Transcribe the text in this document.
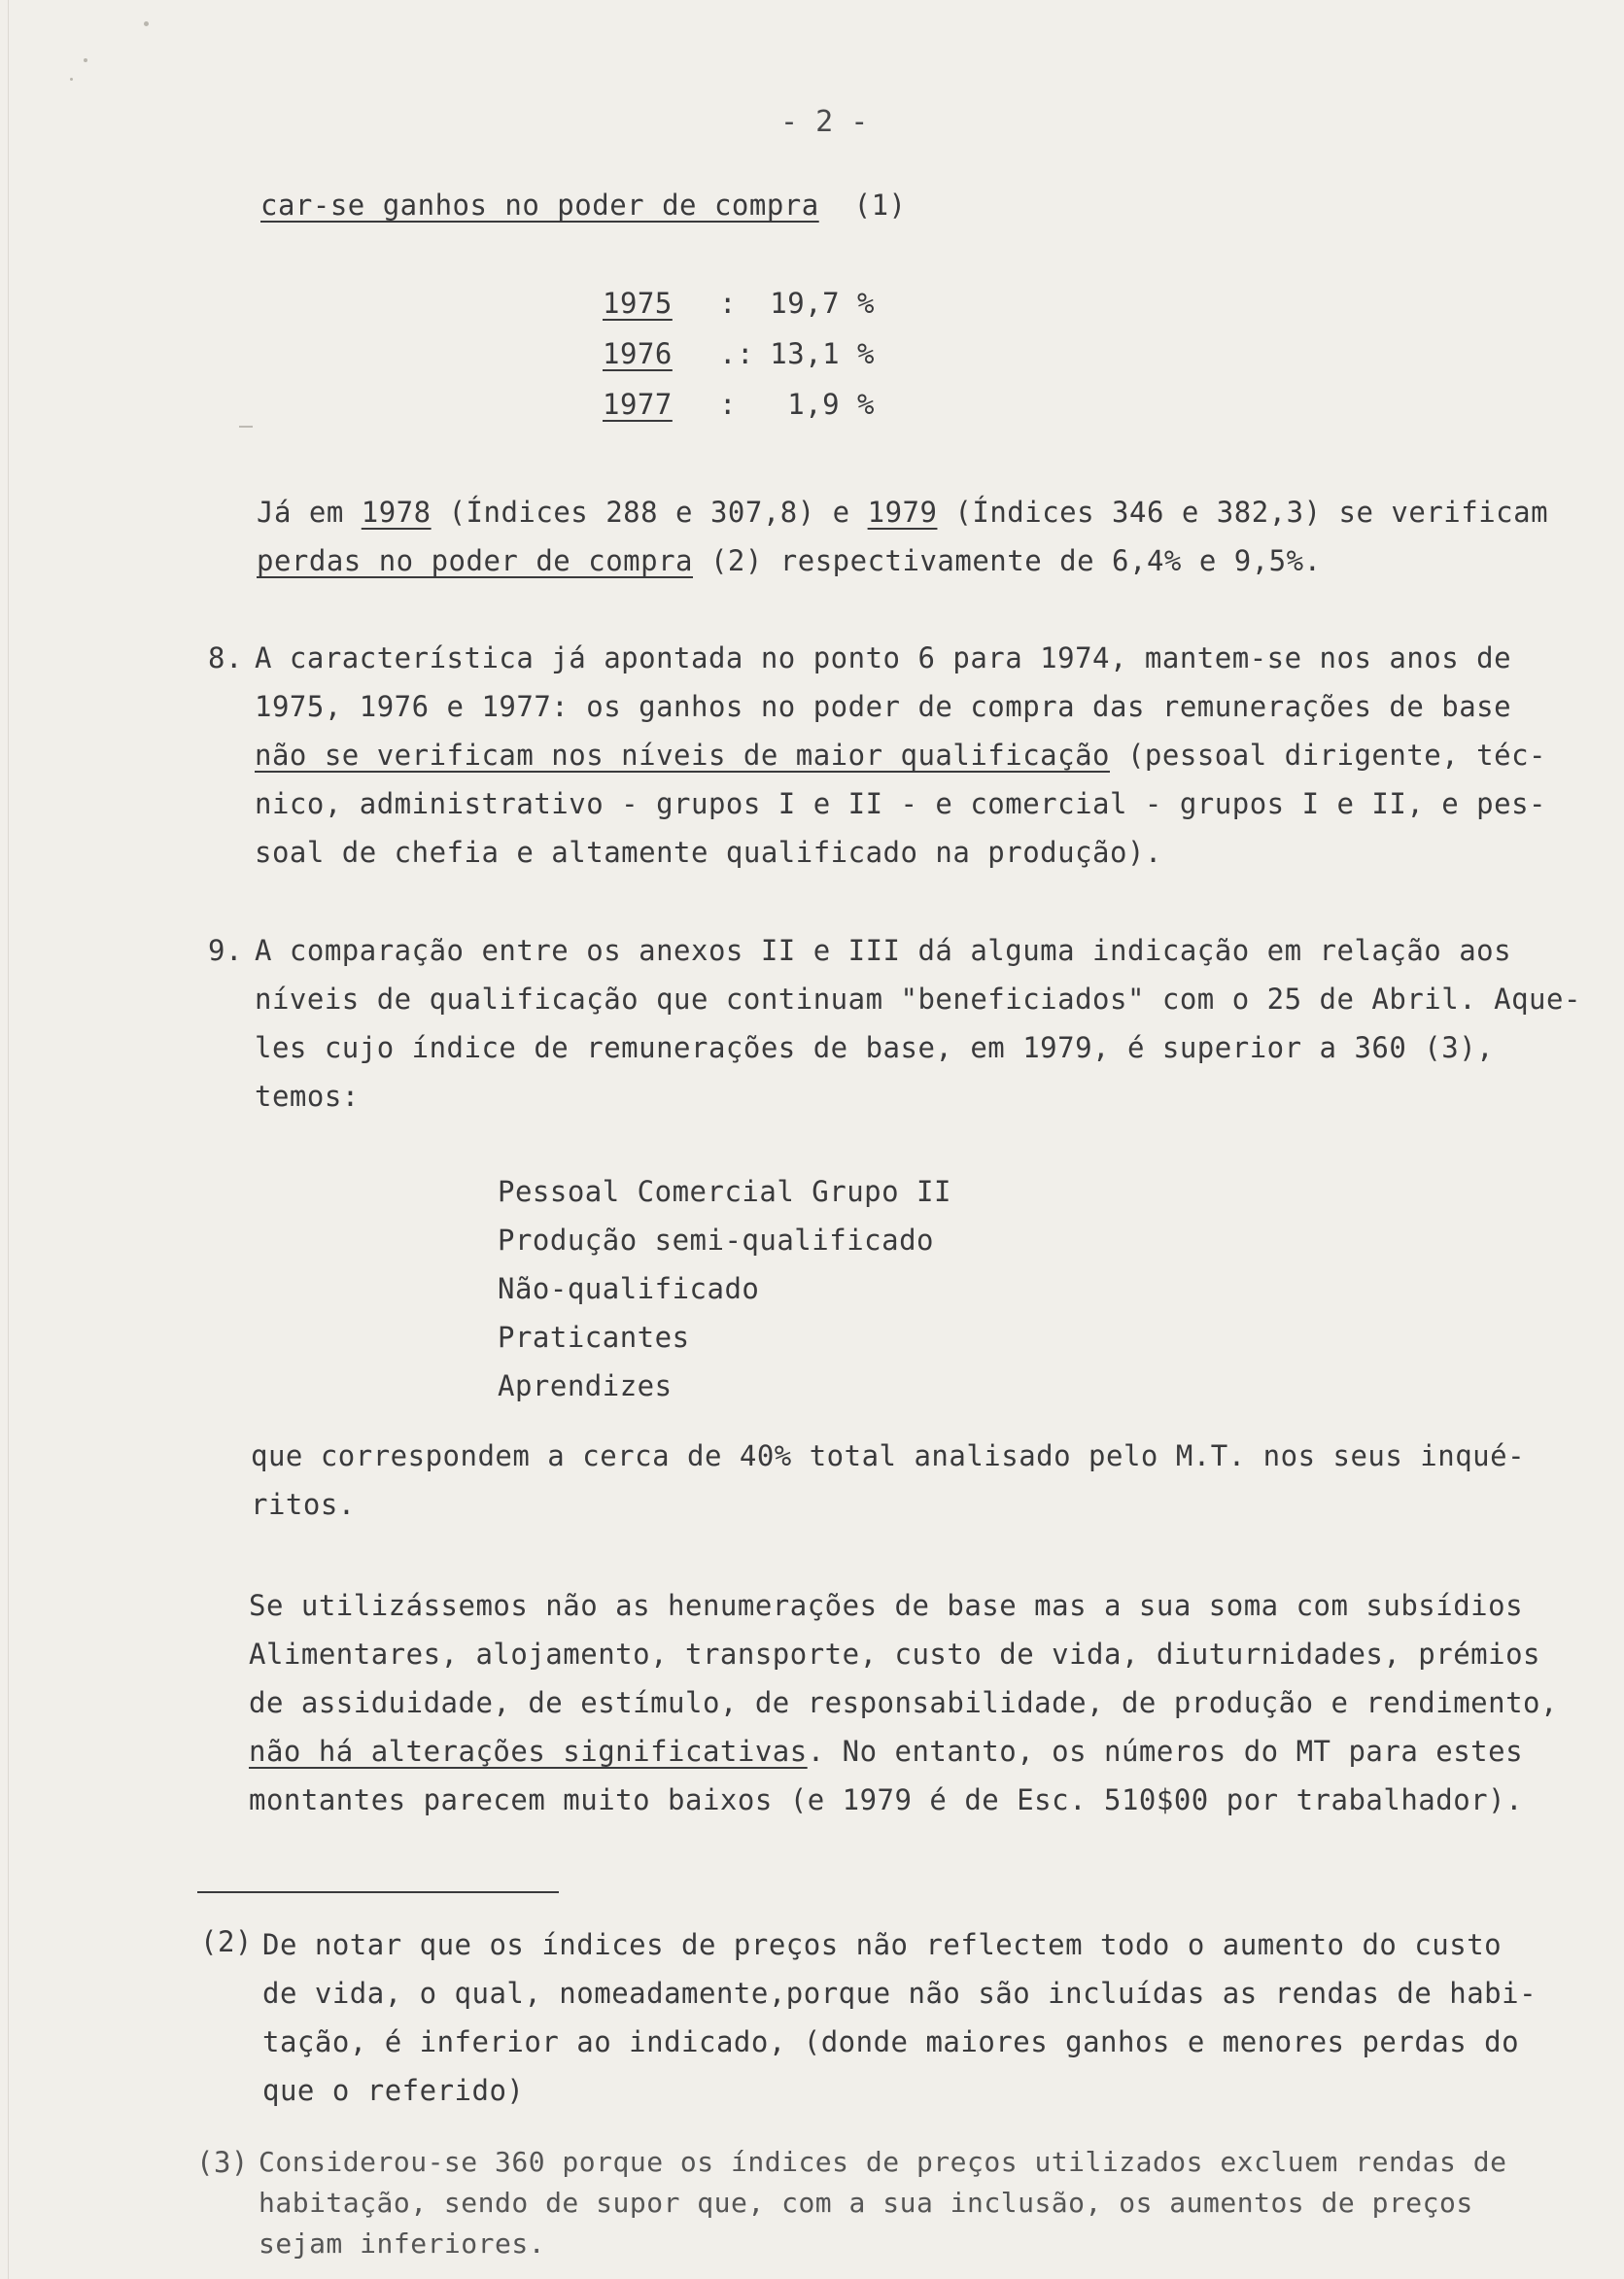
- 2 -
car-se ganhos no poder de compra (1)
1975	:	19,7 %
1976	.: 13,1 %
1977	:	1,9 %

Já em 1978 (Índices 288 e 307,8) e 1979 (Índices 346 e 382,3) se verificam

perdas no poder de compra (2) respectivamente de 6,4% e 9,5%.

8. A característica já apontada no ponto 6 para 1974, mantem-se nos anos de

1975, 1976 e 1977: os ganhos no poder de compra das remunerações de base

não se verificam nos níveis de maior qualificação (pessoal dirigente, téc-

nico, administrativo - grupos I e II - e comercial - grupos I e II, e pes-

soal de chefia e altamente qualificado na produção).

9. A comparação entre os anexos II e III dá alguma indicação em relação aos

níveis de qualificação que continuam "beneficiados" com o 25 de Abril. Aque-

les cujo índice de remunerações de base, em 1979, é superior a 360 (3),

temos:

Pessoal Comercial Grupo II

Produção semi-qualificado

Não-qualificado

Praticantes

Aprendizes

que correspondem a cerca de 40% total analisado pelo M.T. nos seus inqué-

ritos.

Se utilizássemos não as henumerações de base mas a sua soma com subsídios

Alimentares, alojamento, transporte, custo de vida, diuturnidades, prémios

de assiduidade, de estímulo, de responsabilidade, de produção e rendimento,

não há alterações significativas. No entanto, os números do MT para estes

montantes parecem muito baixos (e 1979 é de Esc. 510$00 por trabalhador).

(2) De notar que os índices de preços não reflectem todo o aumento do custo

de vida, o qual, nomeadamente,porque não são incluídas as rendas de habi-

tação, é inferior ao indicado, (donde maiores ganhos e menores perdas do

que o referido)

(3) Considerou-se 360 porque os índices de preços utilizados excluem rendas de

habitação, sendo de supor que, com a sua inclusão, os aumentos de preços

sejam inferiores.
